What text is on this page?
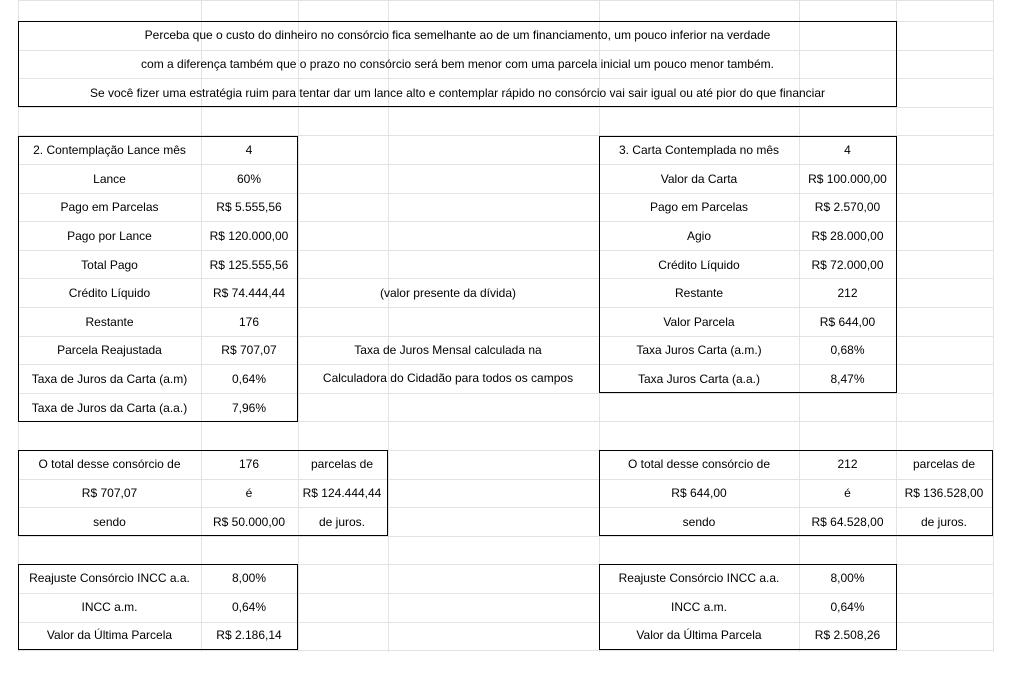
Perceba que o custo do dinheiro no consórcio fica semelhante ao de um financiamento, um pouco inferior na verdade
com a diferença também que o prazo no consórcio será bem menor com uma parcela inicial um pouco menor também.
Se você fizer uma estratégia ruim para tentar dar um lance alto e contemplar rápido no consórcio vai sair igual ou até pior do que financiar
2. Contemplação Lance mês	4
Lance	60%
Pago em Parcelas	R$ 5.555,56
Pago por Lance	R$ 120.000,00
Total Pago	R$ 125.555,56
Crédito Líquido	R$ 74.444,44
Restante	176
Parcela Reajustada	R$ 707,07
Taxa de Juros da Carta (a.m)	0,64%
Taxa de Juros da Carta (a.a.)	7,96%
(valor presente da dívida)
Taxa de Juros Mensal calculada na
Calculadora do Cidadão para todos os campos
3. Carta Contemplada no mês	4
Valor da Carta	R$ 100.000,00
Pago em Parcelas	R$ 2.570,00
Agio	R$ 28.000,00
Crédito Líquido	R$ 72.000,00
Restante	212
Valor Parcela	R$ 644,00
Taxa Juros Carta (a.m.)	0,68%
Taxa Juros Carta (a.a.)	8,47%
O total desse consórcio de	176	parcelas de
R$ 707,07	é	R$ 124.444,44
sendo	R$ 50.000,00	de juros.
O total desse consórcio de	212	parcelas de
R$ 644,00	é	R$ 136.528,00
sendo	R$ 64.528,00	de juros.
Reajuste Consórcio INCC a.a.	8,00%
INCC a.m.	0,64%
Valor da Última Parcela	R$ 2.186,14
Reajuste Consórcio INCC a.a.	8,00%
INCC a.m.	0,64%
Valor da Última Parcela	R$ 2.508,26
